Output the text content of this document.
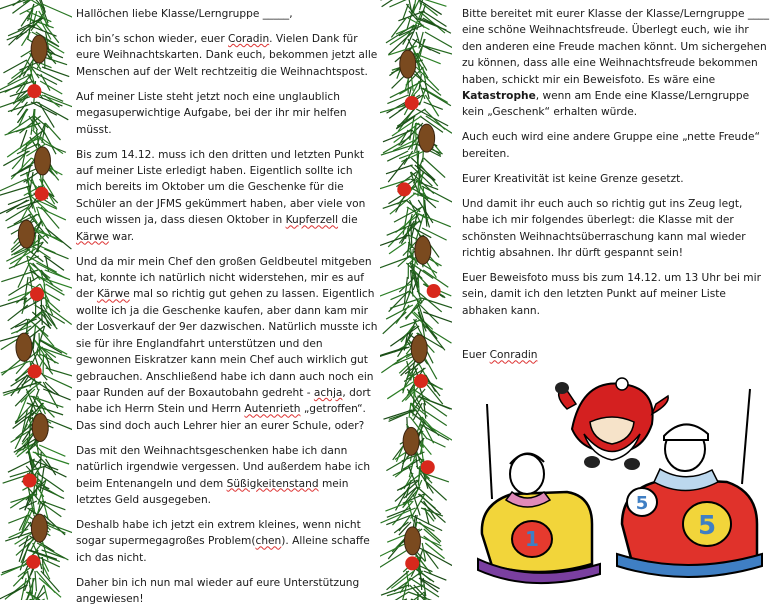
Hallöchen liebe Klasse/Lerngruppe _____,

ich bin’s schon wieder, euer Coradin. Vielen Dank für eure Weihnachtskarten. Dank euch, bekommen jetzt alle Menschen auf der Welt rechtzeitig die Weihnachtspost.

Auf meiner Liste steht jetzt noch eine unglaublich megasuperwichtige Aufgabe, bei der ihr mir helfen müsst.

Bis zum 14.12. muss ich den dritten und letzten Punkt auf meiner Liste erledigt haben. Eigentlich sollte ich mich bereits im Oktober um die Geschenke für die Schüler an der JFMS gekümmert haben, aber viele von euch wissen ja, dass diesen Oktober in Kupferzell die Kärwe war.

Und da mir mein Chef den großen Geldbeutel mitgeben hat, konnte ich natürlich nicht widerstehen, mir es auf der Kärwe mal so richtig gut gehen zu lassen. Eigentlich wollte ich ja die Geschenke kaufen, aber dann kam mir der Losverkauf der 9er dazwischen. Natürlich musste ich sie für ihre Englandfahrt unterstützen und den gewonnen Eiskratzer kann mein Chef auch wirklich gut gebrauchen. Anschließend habe ich dann auch noch ein paar Runden auf der Boxautobahn gedreht - achja, dort habe ich Herrn Stein und Herrn Autenrieth „getroffen“. Das sind doch auch Lehrer hier an eurer Schule, oder?

Das mit den Weihnachtsgeschenken habe ich dann natürlich irgendwie vergessen. Und außerdem habe ich beim Entenangeln und dem Süßigkeitenstand mein letztes Geld ausgegeben.

Deshalb habe ich jetzt ein extrem kleines, wenn nicht sogar supermegagroßes Problem(chen). Alleine schaffe ich das nicht.

Daher bin ich nun mal wieder auf eure Unterstützung angewiesen!

Bitte bereitet mit eurer Klasse der Klasse/Lerngruppe ____ eine schöne Weihnachtsfreude. Überlegt euch, wie ihr den anderen eine Freude machen könnt. Um sichergehen zu können, dass alle eine Weihnachtsfreude bekommen haben, schickt mir ein Beweisfoto. Es wäre eine Katastrophe, wenn am Ende eine Klasse/Lerngruppe kein „Geschenk“ erhalten würde.

Auch euch wird eine andere Gruppe eine „nette Freude“ bereiten.

Eurer Kreativität ist keine Grenze gesetzt.

Und damit ihr euch auch so richtig gut ins Zeug legt, habe ich mir folgendes überlegt: die Klasse mit der schönsten Weihnachtsüberraschung kann mal wieder richtig absahnen. Ihr dürft gespannt sein!

Euer Beweisfoto muss bis zum 14.12. um 13 Uhr bei mir sein, damit ich den letzten Punkt auf meiner Liste abhaken kann.

Euer Conradin

1
5
5
